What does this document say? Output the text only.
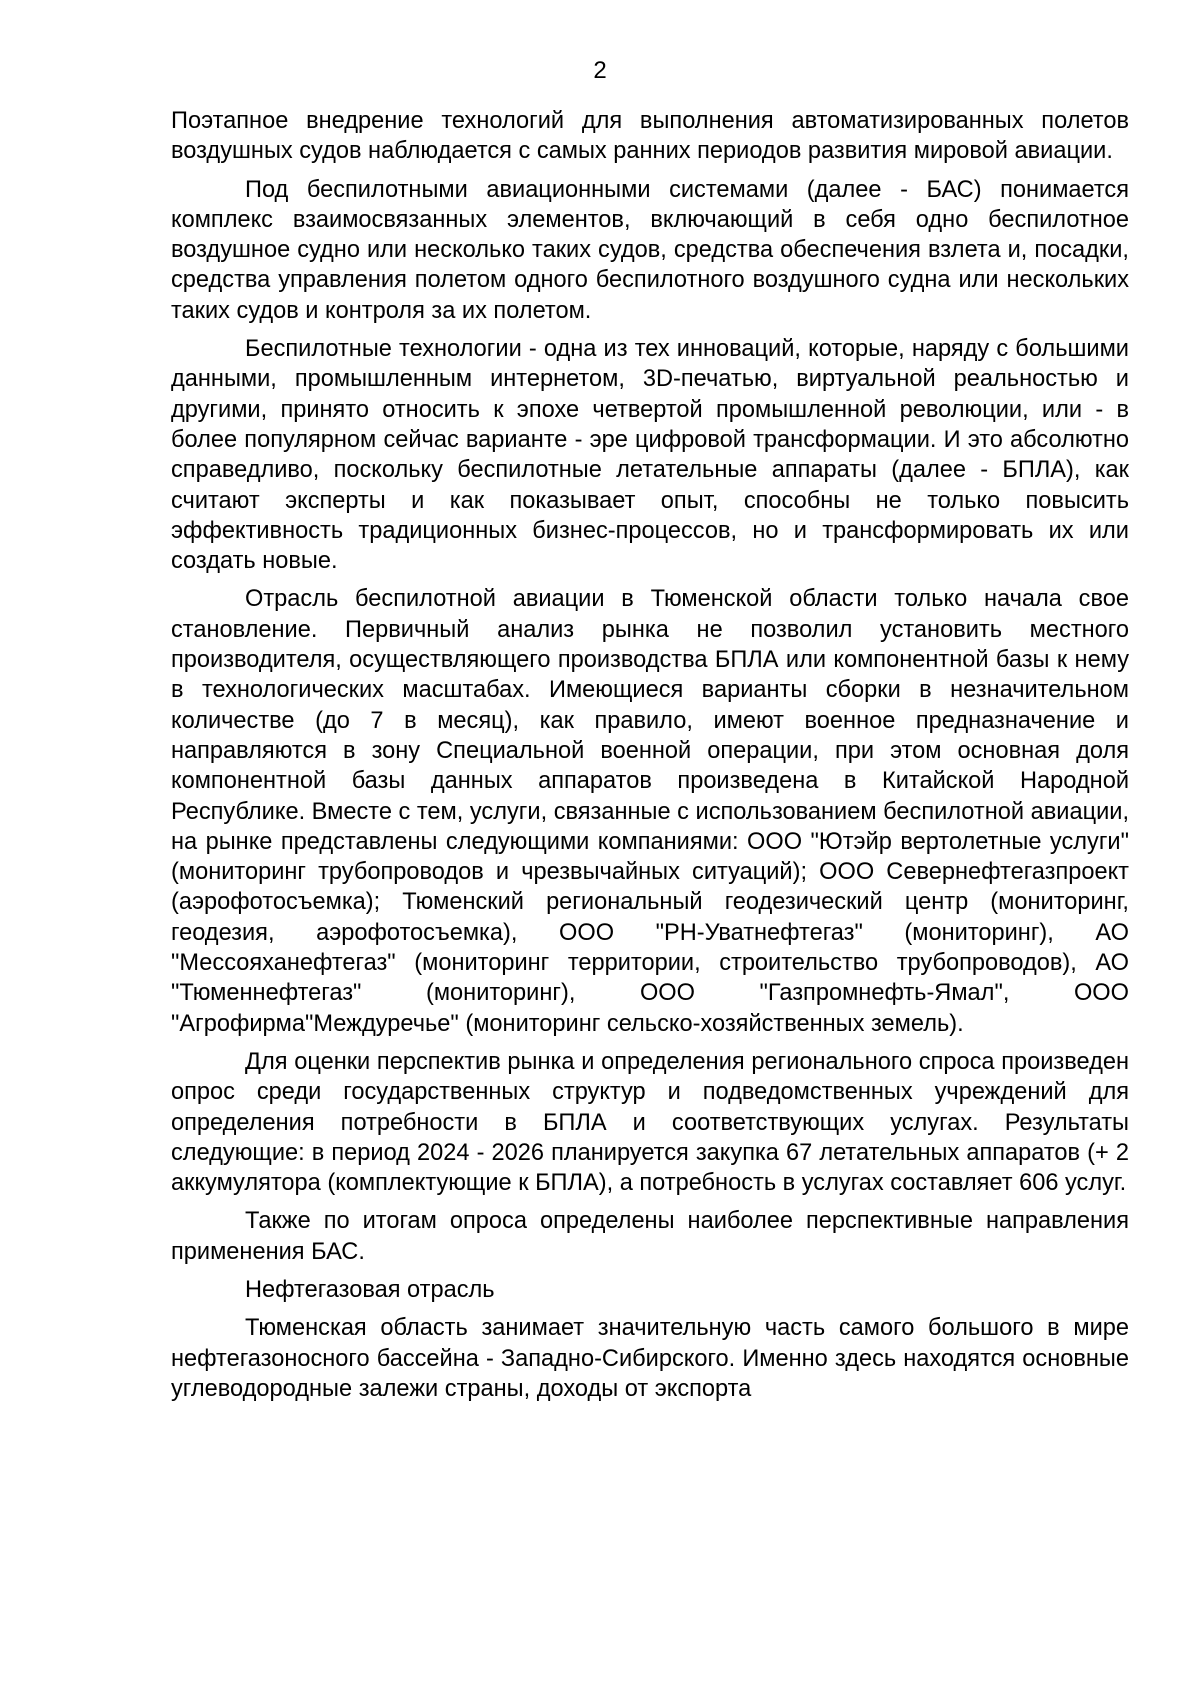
2

Поэтапное внедрение технологий для выполнения автоматизированных полетов воздушных судов наблюдается с самых ранних периодов развития мировой авиации.

Под беспилотными авиационными системами (далее - БАС) понимается комплекс взаимосвязанных элементов, включающий в себя одно беспилотное воздушное судно или несколько таких судов, средства обеспечения взлета и, посадки, средства управления полетом одного беспилотного воздушного судна или нескольких таких судов и контроля за их полетом.

Беспилотные технологии - одна из тех инноваций, которые, наряду с большими данными, промышленным интернетом, 3D-печатью, виртуальной реальностью и другими, принято относить к эпохе четвертой промышленной революции, или - в более популярном сейчас варианте - эре цифровой трансформации. И это абсолютно справедливо, поскольку беспилотные летательные аппараты (далее - БПЛА), как считают эксперты и как показывает опыт, способны не только повысить эффективность традиционных бизнес-процессов, но и трансформировать их или создать новые.

Отрасль беспилотной авиации в Тюменской области только начала свое становление. Первичный анализ рынка не позволил установить местного производителя, осуществляющего производства БПЛА или компонентной базы к нему в технологических масштабах. Имеющиеся варианты сборки в незначительном количестве (до 7 в месяц), как правило, имеют военное предназначение и направляются в зону Специальной военной операции, при этом основная доля компонентной базы данных аппаратов произведена в Китайской Народной Республике. Вместе с тем, услуги, связанные с использованием беспилотной авиации, на рынке представлены следующими компаниями: ООО "Ютэйр вертолетные услуги" (мониторинг трубопроводов и чрезвычайных ситуаций); ООО Севернефтегазпроект (аэрофотосъемка); Тюменский региональный геодезический центр (мониторинг, геодезия, аэрофотосъемка), ООО "РН-Уватнефтегаз" (мониторинг), АО "Мессояханефтегаз" (мониторинг территории, строительство трубопроводов), АО "Тюменнефтегаз" (мониторинг), ООО "Газпромнефть-Ямал", ООО "Агрофирма"Междуречье" (мониторинг сельско-хозяйственных земель).

Для оценки перспектив рынка и определения регионального спроса произведен опрос среди государственных структур и подведомственных учреждений для определения потребности в БПЛА и соответствующих услугах. Результаты следующие: в период 2024 - 2026 планируется закупка 67 летательных аппаратов (+ 2 аккумулятора (комплектующие к БПЛА), а потребность в услугах составляет 606 услуг.

Также по итогам опроса определены наиболее перспективные направления применения БАС.

Нефтегазовая отрасль

Тюменская область занимает значительную часть самого большого в мире нефтегазоносного бассейна - Западно-Сибирского. Именно здесь находятся основные углеводородные залежи страны, доходы от экспорта
